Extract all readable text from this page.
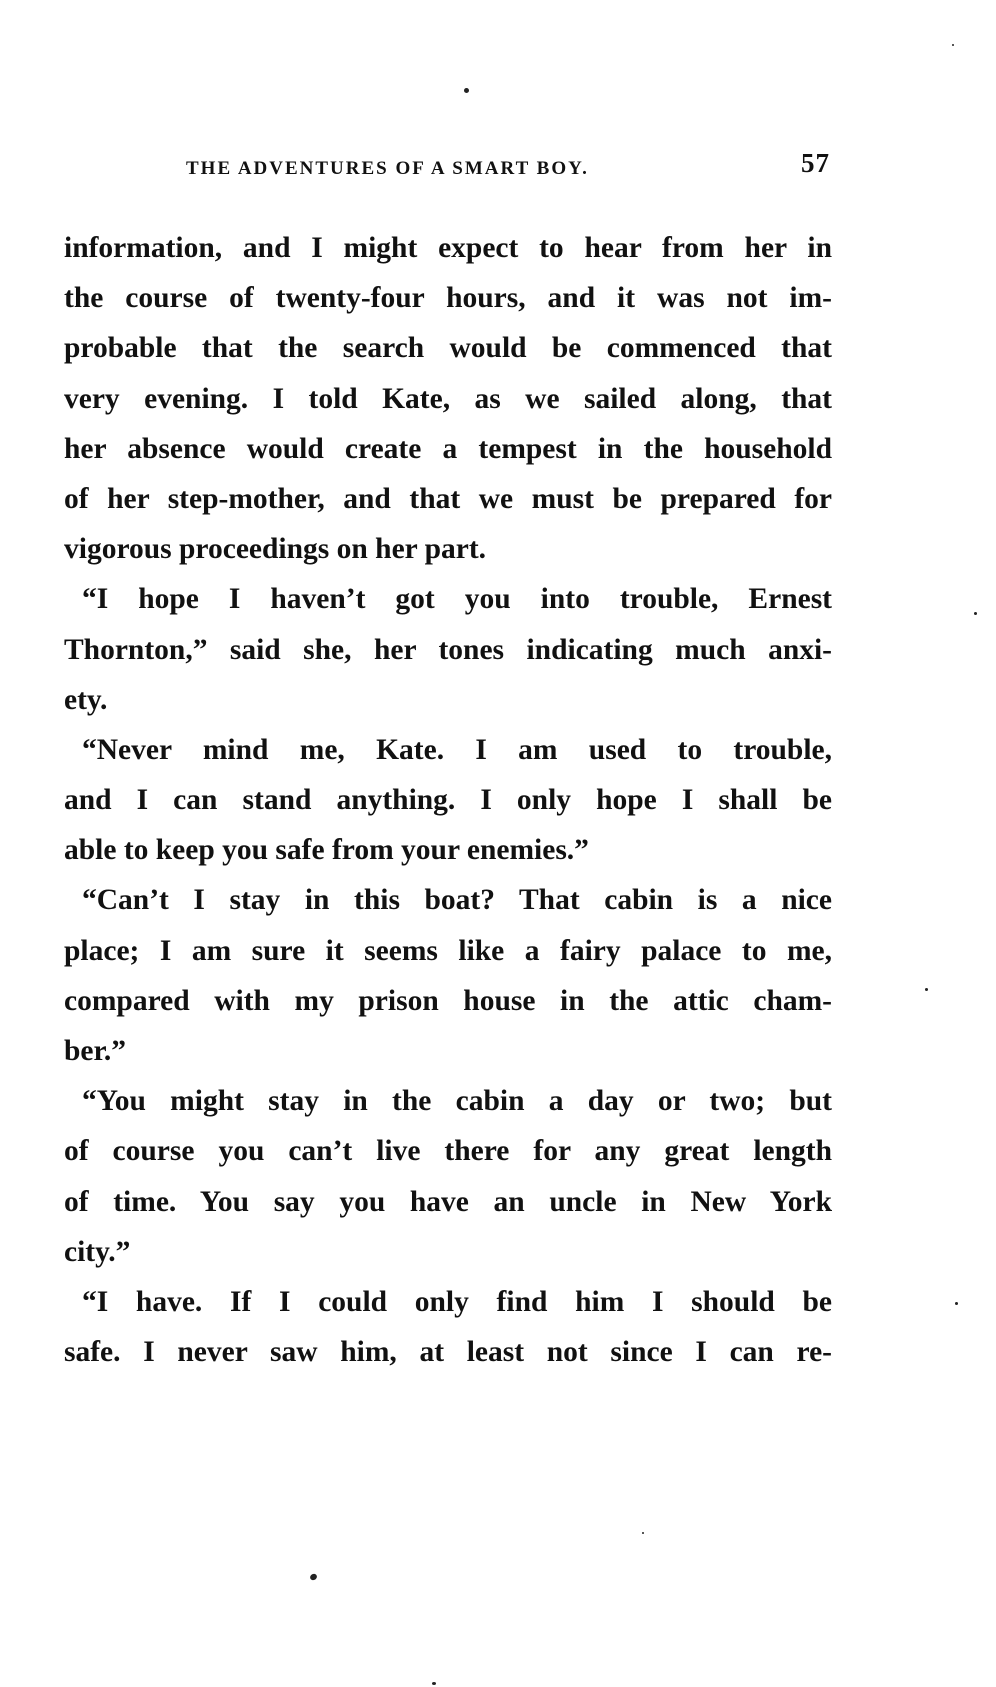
THE ADVENTURES OF A SMART BOY.	57
information, and I might expect to hear from her in
the course of twenty-four hours, and it was not im-
probable that the search would be commenced that
very evening. I told Kate, as we sailed along, that
her absence would create a tempest in the household
of her step-mother, and that we must be prepared for
vigorous proceedings on her part.
“I hope I haven’t got you into trouble, Ernest
Thornton,” said she, her tones indicating much anxi-
ety.
“Never mind me, Kate. I am used to trouble,
and I can stand anything. I only hope I shall be
able to keep you safe from your enemies.”
“Can’t I stay in this boat? That cabin is a nice
place; I am sure it seems like a fairy palace to me,
compared with my prison house in the attic cham-
ber.”
“You might stay in the cabin a day or two; but
of course you can’t live there for any great length
of time. You say you have an uncle in New York
city.”
“I have. If I could only find him I should be
safe. I never saw him, at least not since I can re-
